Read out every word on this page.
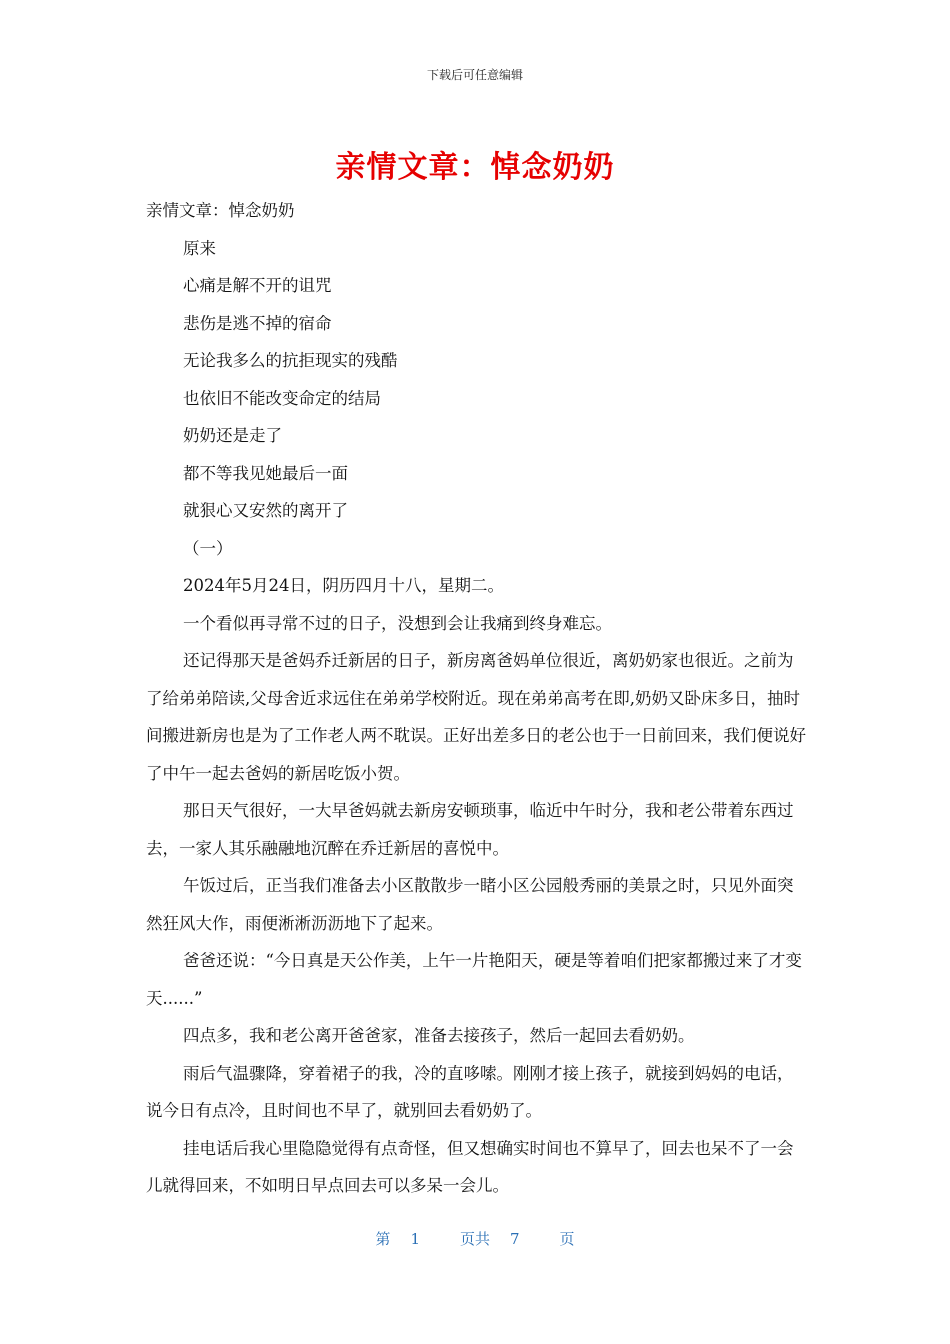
下载后可任意编辑
亲情文章：悼念奶奶

亲情文章：悼念奶奶

原来

心痛是解不开的诅咒

悲伤是逃不掉的宿命

无论我多么的抗拒现实的残酷

也依旧不能改变命定的结局

奶奶还是走了

都不等我见她最后一面

就狠心又安然的离开了

（一）

2024年5月24日，阴历四月十八，星期二。

一个看似再寻常不过的日子，没想到会让我痛到终身难忘。

还记得那天是爸妈乔迁新居的日子，新房离爸妈单位很近，离奶奶家也很近。之前为了给弟弟陪读,父母舍近求远住在弟弟学校附近。现在弟弟高考在即,奶奶又卧床多日，抽时间搬进新房也是为了工作老人两不耽误。正好出差多日的老公也于一日前回来，我们便说好了中午一起去爸妈的新居吃饭小贺。

那日天气很好，一大早爸妈就去新房安顿琐事，临近中午时分，我和老公带着东西过去，一家人其乐融融地沉醉在乔迁新居的喜悦中。

午饭过后，正当我们准备去小区散散步一睹小区公园般秀丽的美景之时，只见外面突然狂风大作，雨便淅淅沥沥地下了起来。

爸爸还说：“今日真是天公作美，上午一片艳阳天，硬是等着咱们把家都搬过来了才变天......”

四点多，我和老公离开爸爸家，准备去接孩子，然后一起回去看奶奶。

雨后气温骤降，穿着裙子的我，冷的直哆嗦。刚刚才接上孩子，就接到妈妈的电话，说今日有点冷，且时间也不早了，就别回去看奶奶了。

挂电话后我心里隐隐觉得有点奇怪，但又想确实时间也不算早了，回去也呆不了一会儿就得回来，不如明日早点回去可以多呆一会儿。

第 1	页共 7	页
